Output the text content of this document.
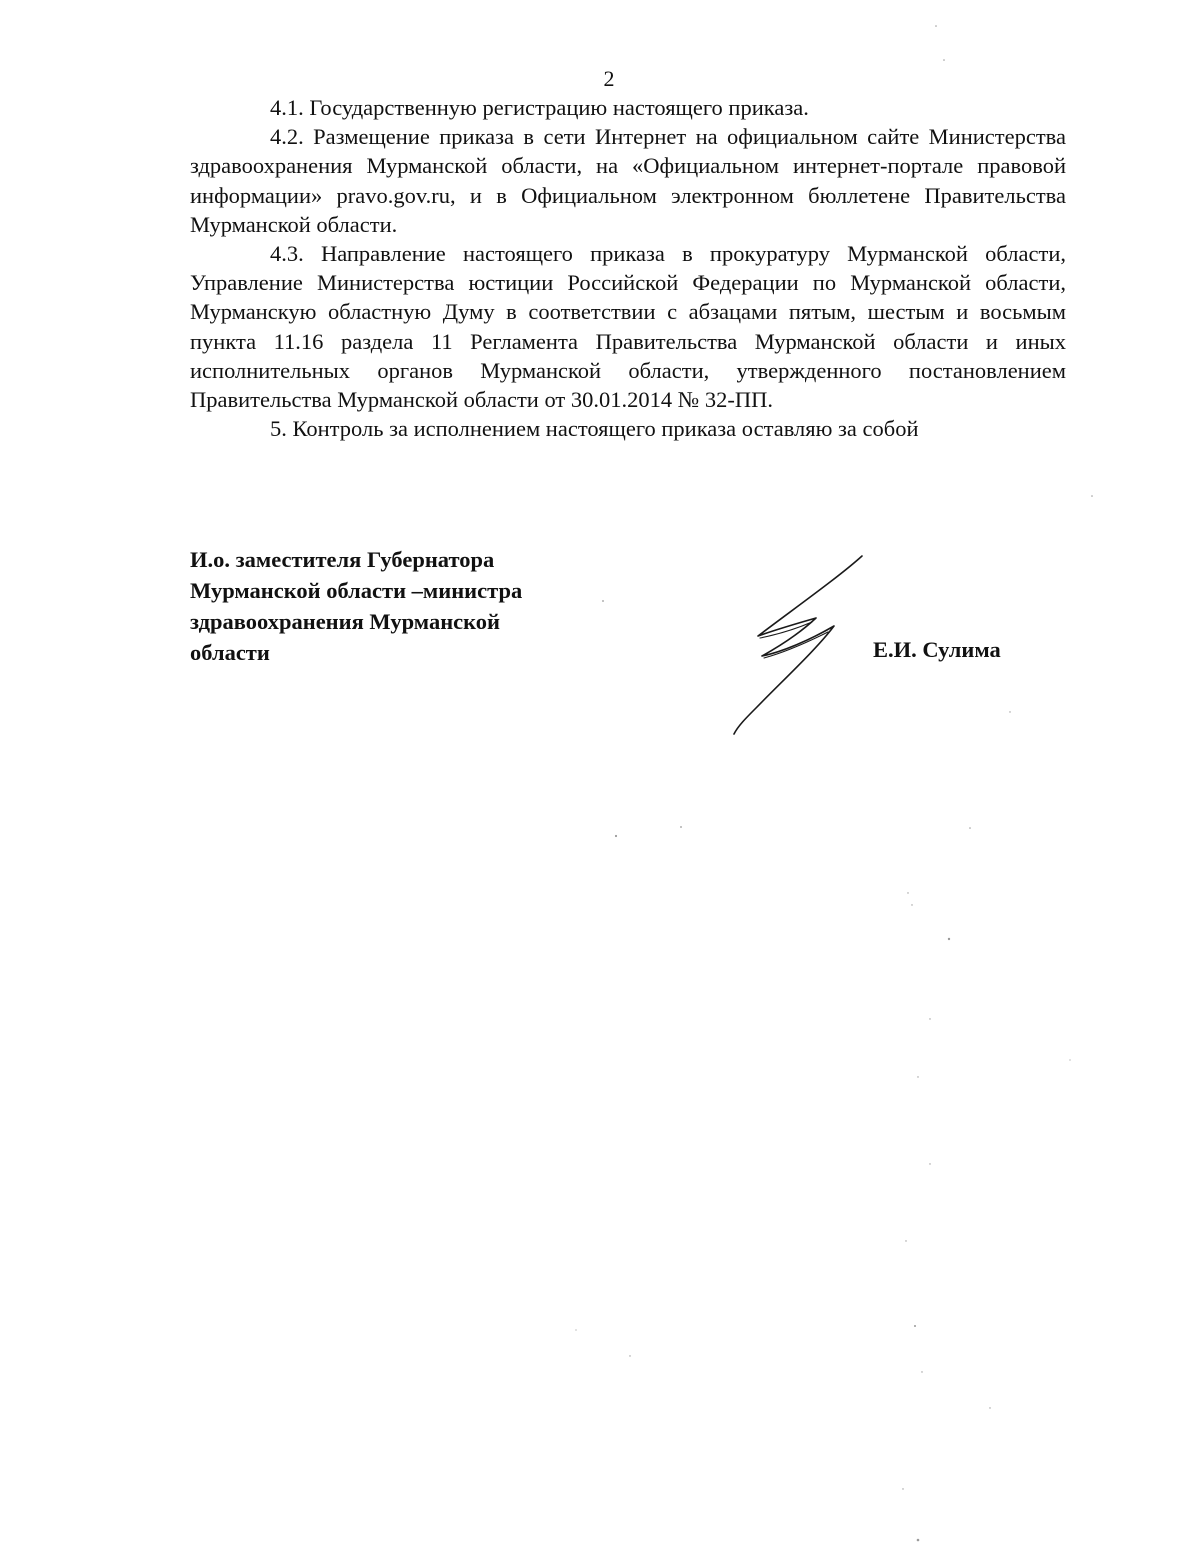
2

4.1. Государственную регистрацию настоящего приказа.

4.2. Размещение приказа в сети Интернет на официальном сайте Министерства здравоохранения Мурманской области, на «Официальном интернет-портале правовой информации» pravo.gov.ru, и в Официальном электронном бюллетене Правительства Мурманской области.

4.3. Направление настоящего приказа в прокуратуру Мурманской области, Управление Министерства юстиции Российской Федерации по Мурманской области, Мурманскую областную Думу в соответствии с абзацами пятым, шестым и восьмым пункта 11.16 раздела 11 Регламента Правительства Мурманской области и иных исполнительных органов Мурманской области, утвержденного постановлением Правительства Мурманской области от 30.01.2014 № 32-ПП.

5. Контроль за исполнением настоящего приказа оставляю за собой

И.о. заместителя Губернатора
Мурманской области –министра
здравоохранения Мурманской
области	Е.И. Сулима
